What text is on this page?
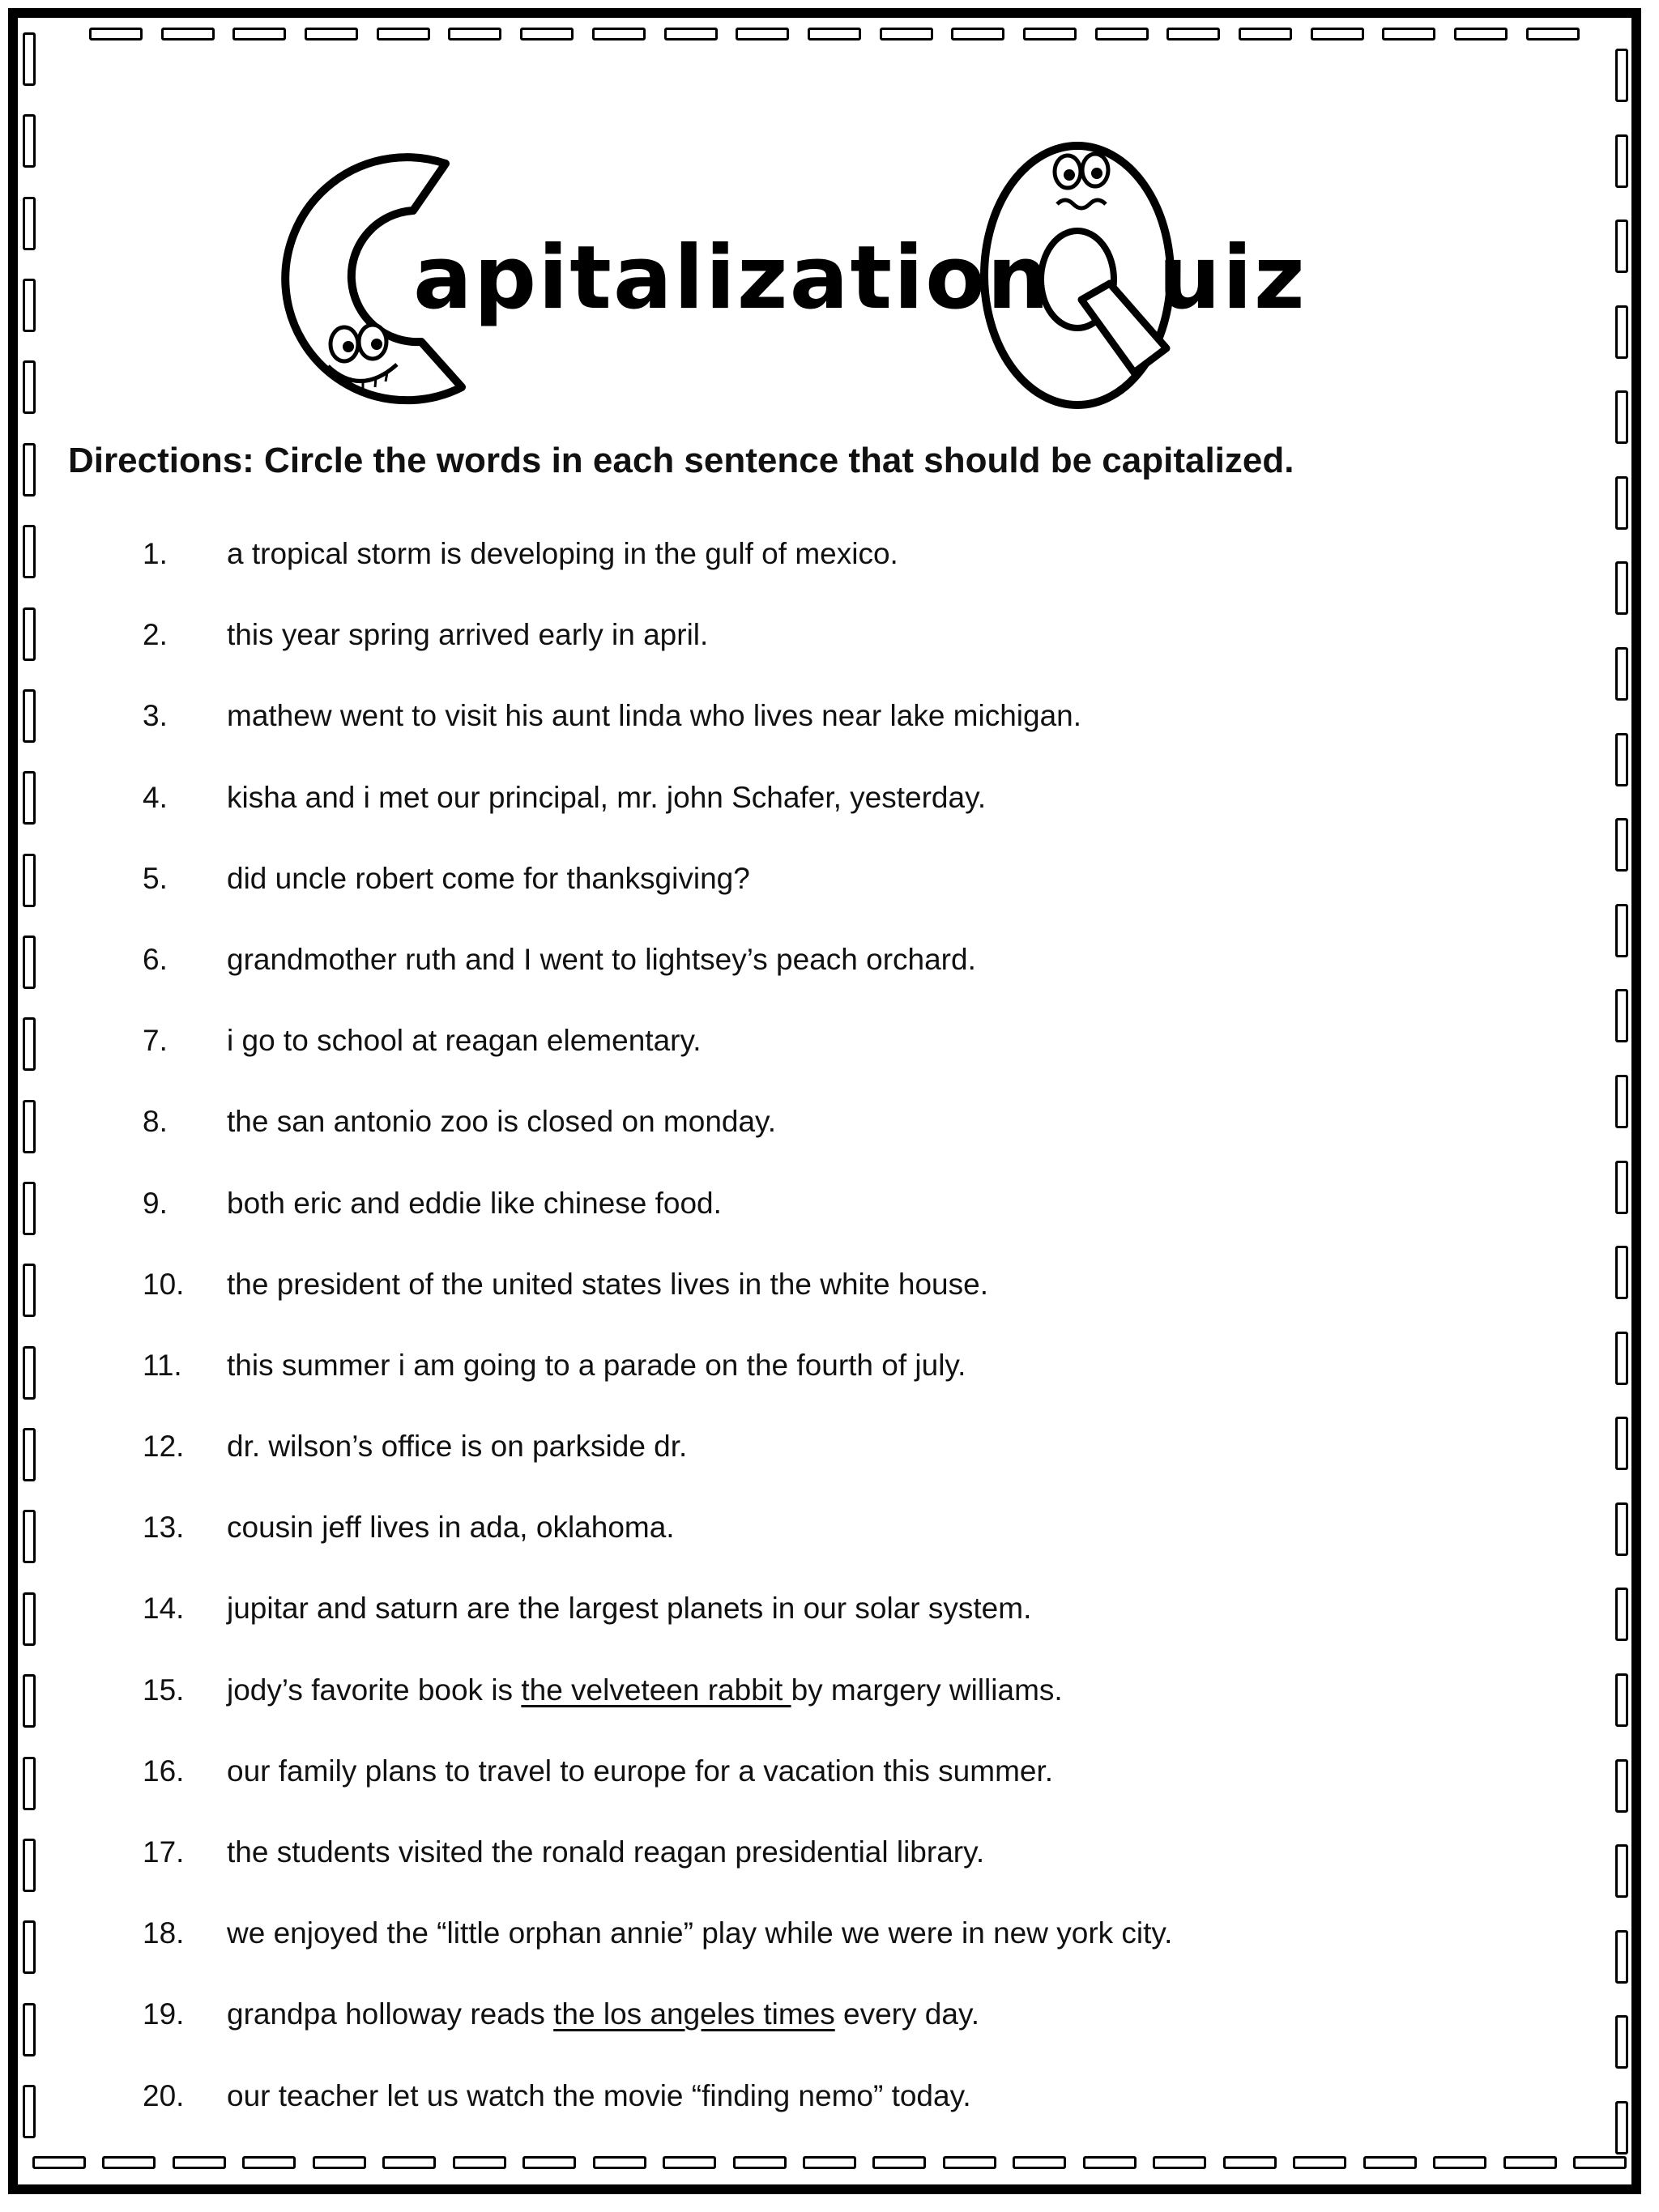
apitalization uiz
Directions: Circle the words in each sentence that should be capitalized.
1. a tropical storm is developing in the gulf of mexico.
2. this year spring arrived early in april.
3. mathew went to visit his aunt linda who lives near lake michigan.
4. kisha and i met our principal, mr. john Schafer, yesterday.
5. did uncle robert come for thanksgiving?
6. grandmother ruth and I went to lightsey’s peach orchard.
7. i go to school at reagan elementary.
8. the san antonio zoo is closed on monday.
9. both eric and eddie like chinese food.
10. the president of the united states lives in the white house.
11. this summer i am going to a parade on the fourth of july.
12. dr. wilson’s office is on parkside dr.
13. cousin jeff lives in ada, oklahoma.
14. jupitar and saturn are the largest planets in our solar system.
15. jody’s favorite book is the velveteen rabbit by margery williams.
16. our family plans to travel to europe for a vacation this summer.
17. the students visited the ronald reagan presidential library.
18. we enjoyed the “little orphan annie” play while we were in new york city.
19. grandpa holloway reads the los angeles times every day.
20. our teacher let us watch the movie “finding nemo” today.
